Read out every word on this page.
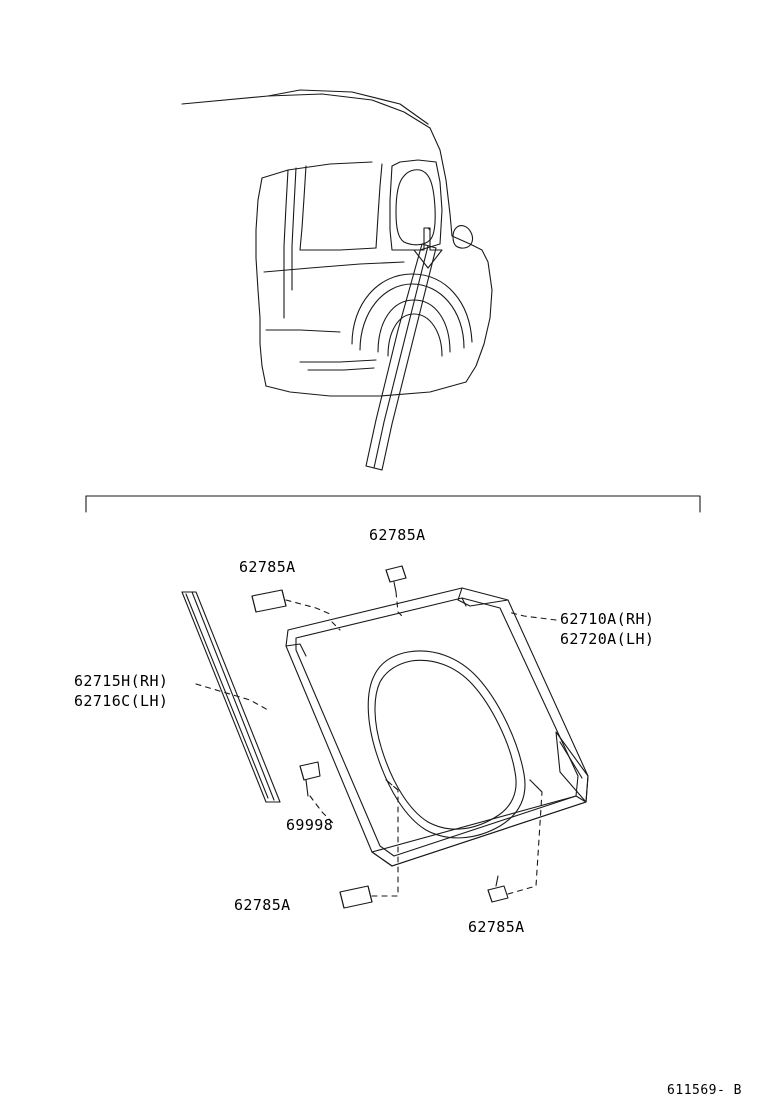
62785A
62785A
62710A(RH)
62720A(LH)
62715H(RH)
62716C(LH)
69998
62785A
62785A
611569- B
